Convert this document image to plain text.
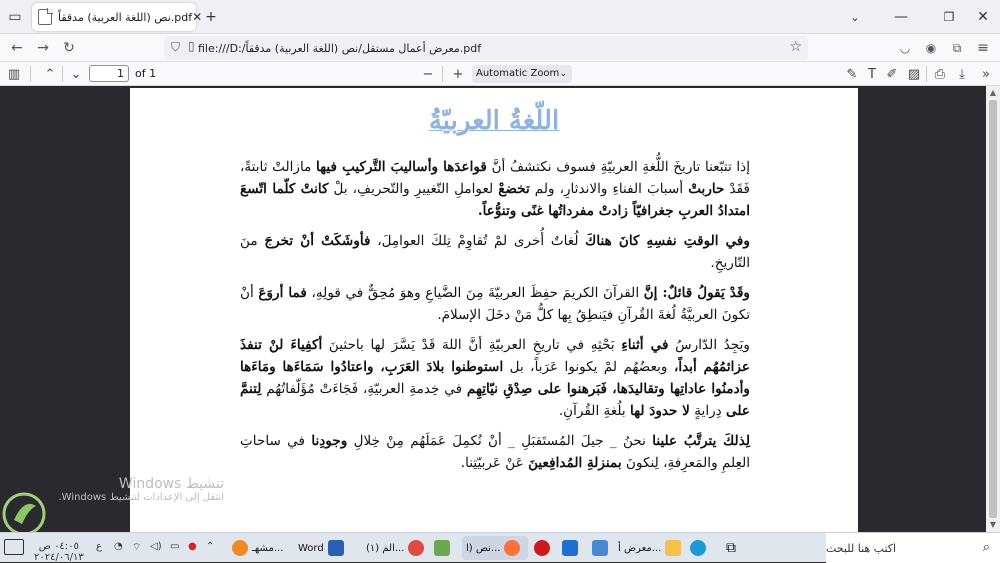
▭	نص (اللغة العربية) مدققاً.pdf ✕ +	⌄	—	❐	✕
←	→	↻	⛉ ▯ file:///D:/معرض أعمال مستقل/نص (اللغة العربية) مدققاً.pdf	☆	◡	◉	⧉	≡
▥	⌃	⌄	1	of 1	−	+	Automatic Zoom ⌄	✎ T ✐ ▨	⎙	⤓	»
اللّغةُ العربيّةُ

إذا تتبّعنا تاريخَ اللُّغةِ العربيّةِ فسوف نكتشفُ أنَّ قواعدَها وأساليبَ التَّركيبِ فيها مازالتْ ثابتةً، فَقَدْ حاربتْ أسبابَ الفناءِ والاندثارِ، ولم تخضعْ لعواملِ التّغييرِ والتّحريفِ، بلْ كانتْ كلّما اتّسعَ امتدادُ العربِ جغرافيّاً زادتْ مفرداتُها غنًى وتنوُّعاً.

وفي الوقتِ نفسِهِ كانَ هناكَ لُغاتٌ أُخرى لمْ تُقاوِمْ تِلكَ العوامِلَ، فأوشَكَتْ أنْ تخرجَ منَ التّاريخِ.

وقَدْ يَقولُ قائلٌ: إنَّ القرآنَ الكريمَ حفِظَ العربيّةَ مِنَ الضَّياعِ وهوَ مُحِقٌّ في قولِهِ، فما أروَعَ أنْ تكونَ العربيَّةُ لُغةَ القُرآنِ فيَنطِقُ بِها كلُّ مَنْ دخَلَ الإسلامَ.

ويَجِدُ الدّارسُ في أثناءِ بَحْثِهِ في تاريخِ العربيّةِ أنَّ اللهَ قَدْ يَسَّرَ لها باحثينَ أكفِياءَ لنْ تنفذَ عزائمُهُم أبداً، وبعضُهُم لمْ يكونوا عَرَباً، بل استوطنوا بلادَ العَرَبِ، واعتادُوا سَمَاءَها ومَاءَها وأدمنُوا عاداتِها وتقاليدَها، فَبَرهنوا على صِدْقِ نيّاتِهِم في خِدمةِ العربيّةِ، فَجَاءَتْ مُؤَلّفاتُهُم لِتنمَّ على دِرايةٍ لا حدودَ لها بلُغةِ القُرآنِ.

لِذلكَ يترتَّبُ علينا نحنُ _ جيلَ المُستَقبَلِ _ أنْ نُكمِلَ عَمَلَهُم مِنْ خِلالِ وجودِنا في ساحاتِ العِلمِ والمَعرِفةِ، لِنكونَ بمنزلةِ المُدافِعينَ عَنْ عَربيّتِنا.

▲
▼
تنشيط Windows
انتقل إلى الإعدادات لتنشيط Windows.
٠٤:٠٥ ص
٢٠٢٤/٠٦/١٣
ع ◔ ⌔ ◁) ▭ ● ⌃	مشهـ... Word	(١) الم...	نص (ا...	معرض أ...	⧉	⌕
اكتب هنا للبحث
